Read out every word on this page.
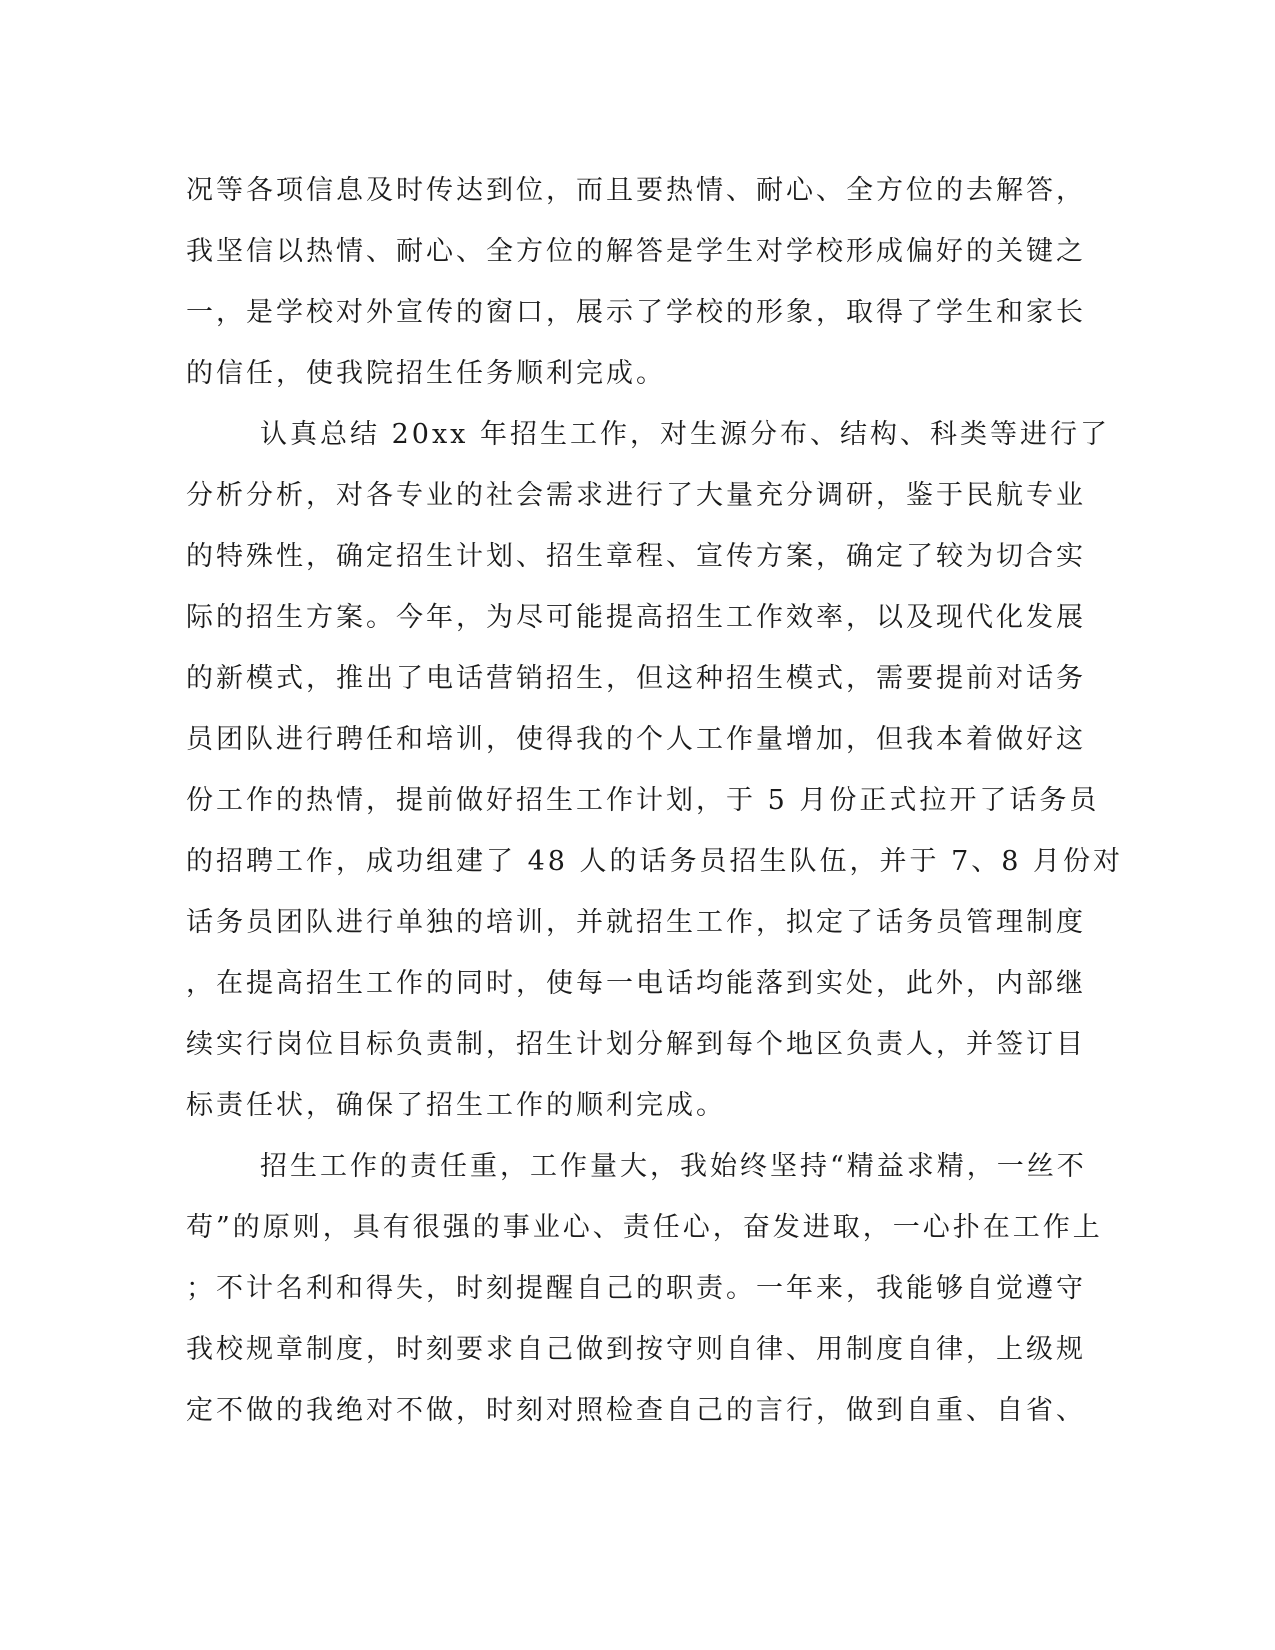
况等各项信息及时传达到位，而且要热情、耐心、全方位的去解答，
我坚信以热情、耐心、全方位的解答是学生对学校形成偏好的关键之
一，是学校对外宣传的窗口，展示了学校的形象，取得了学生和家长
的信任，使我院招生任务顺利完成。
认真总结 20xx 年招生工作，对生源分布、结构、科类等进行了
分析分析，对各专业的社会需求进行了大量充分调研，鉴于民航专业
的特殊性，确定招生计划、招生章程、宣传方案，确定了较为切合实
际的招生方案。今年，为尽可能提高招生工作效率，以及现代化发展
的新模式，推出了电话营销招生，但这种招生模式，需要提前对话务
员团队进行聘任和培训，使得我的个人工作量增加，但我本着做好这
份工作的热情，提前做好招生工作计划，于 5 月份正式拉开了话务员
的招聘工作，成功组建了 48 人的话务员招生队伍，并于 7、8 月份对
话务员团队进行单独的培训，并就招生工作，拟定了话务员管理制度
，在提高招生工作的同时，使每一电话均能落到实处，此外，内部继
续实行岗位目标负责制，招生计划分解到每个地区负责人，并签订目
标责任状，确保了招生工作的顺利完成。
招生工作的责任重，工作量大，我始终坚持“精益求精，一丝不
苟”的原则，具有很强的事业心、责任心，奋发进取，一心扑在工作上
；不计名利和得失，时刻提醒自己的职责。一年来，我能够自觉遵守
我校规章制度，时刻要求自己做到按守则自律、用制度自律，上级规
定不做的我绝对不做，时刻对照检查自己的言行，做到自重、自省、
